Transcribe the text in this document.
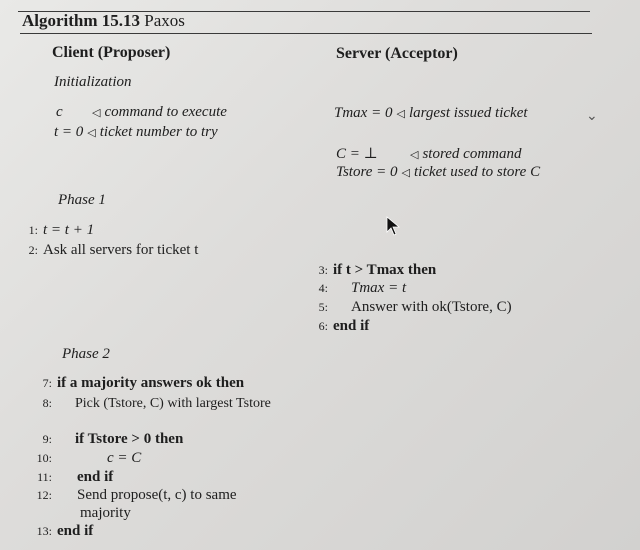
Algorithm 15.13 Paxos
Client (Proposer)	Server (Acceptor)
Initialization
c	◁ command to execute
t = 0 ◁ ticket number to try
Tmax = 0 ◁ largest issued ticket	⌄
C = ⊥	◁ stored command
Tstore = 0 ◁ ticket used to store C
Phase 1
1: t = t + 1
2: Ask all servers for ticket t
3: if t > Tmax then
4: Tmax = t
5: Answer with ok(Tstore, C)
6: end if
Phase 2
7: if a majority answers ok then
8: Pick (Tstore, C) with largest Tstore
9: if Tstore > 0 then
10:	c = C
11: end if
12: Send propose(t, c) to same
majority
13: end if
